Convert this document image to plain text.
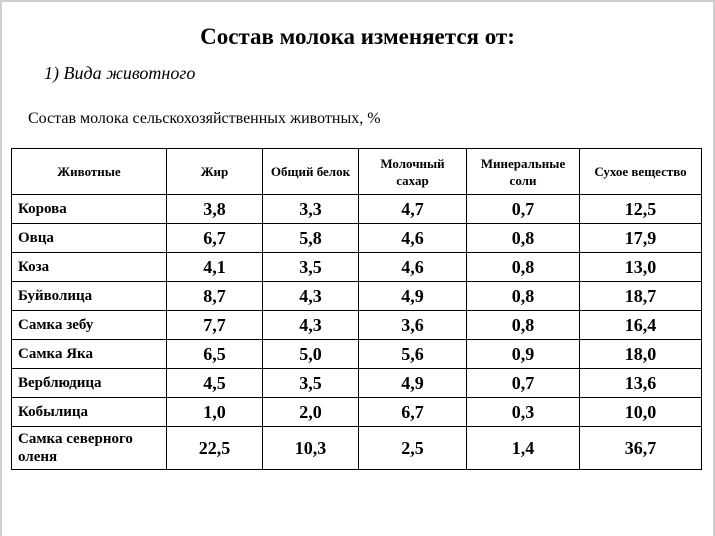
Состав молока изменяется от:
1) Вида животного
Состав молока сельскохозяйственных животных, %
Животные	Жир	Общий белок	Молочный сахар	Минеральные соли	Сухое вещество
Корова	3,8	3,3	4,7	0,7	12,5
Овца	6,7	5,8	4,6	0,8	17,9
Коза	4,1	3,5	4,6	0,8	13,0
Буйволица	8,7	4,3	4,9	0,8	18,7
Самка зебу	7,7	4,3	3,6	0,8	16,4
Самка Яка	6,5	5,0	5,6	0,9	18,0
Верблюдица	4,5	3,5	4,9	0,7	13,6
Кобылица	1,0	2,0	6,7	0,3	10,0
Самка северного оленя	22,5	10,3	2,5	1,4	36,7
